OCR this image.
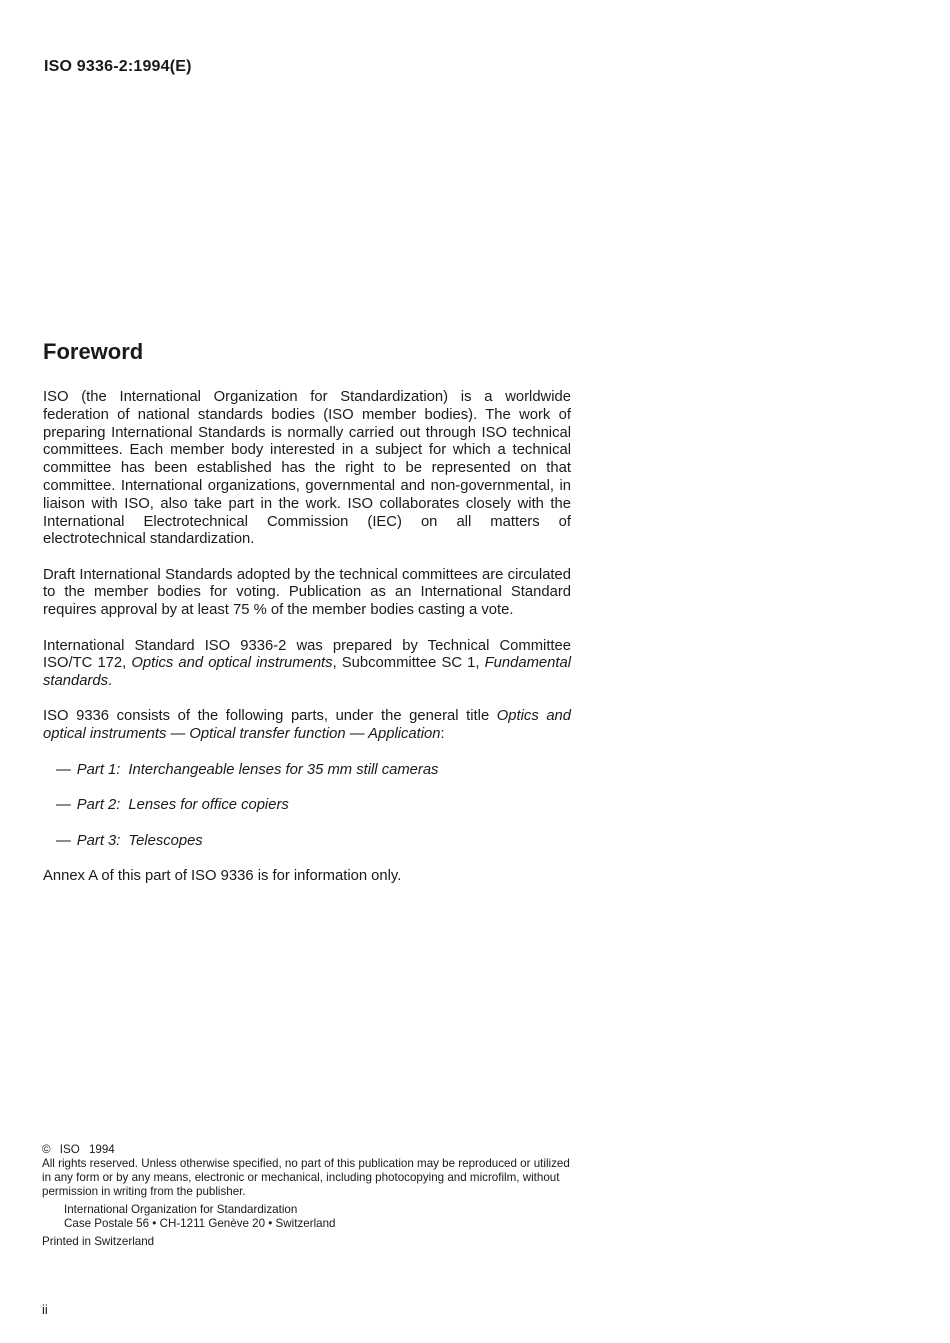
ISO 9336-2:1994(E)
Foreword

ISO (the International Organization for Standardization) is a worldwide federation of national standards bodies (ISO member bodies). The work of preparing International Standards is normally carried out through ISO technical committees. Each member body interested in a subject for which a technical committee has been established has the right to be represented on that committee. International organizations, governmental and non-governmental, in liaison with ISO, also take part in the work. ISO collaborates closely with the International Electrotechnical Commission (IEC) on all matters of electrotechnical standardization.

Draft International Standards adopted by the technical committees are circulated to the member bodies for voting. Publication as an International Standard requires approval by at least 75 % of the member bodies casting a vote.

International Standard ISO 9336-2 was prepared by Technical Committee ISO/TC 172, Optics and optical instruments, Subcommittee SC 1, Fundamental standards.

ISO 9336 consists of the following parts, under the general title Optics and optical instruments — Optical transfer function — Application:

— Part 1: Interchangeable lenses for 35 mm still cameras
— Part 2: Lenses for office copiers
— Part 3: Telescopes

Annex A of this part of ISO 9336 is for information only.

© ISO 1994
All rights reserved. Unless otherwise specified, no part of this publication may be reproduced or utilized in any form or by any means, electronic or mechanical, including photocopying and microfilm, without permission in writing from the publisher.
International Organization for Standardization
Case Postale 56 • CH-1211 Genève 20 • Switzerland
Printed in Switzerland
ii
